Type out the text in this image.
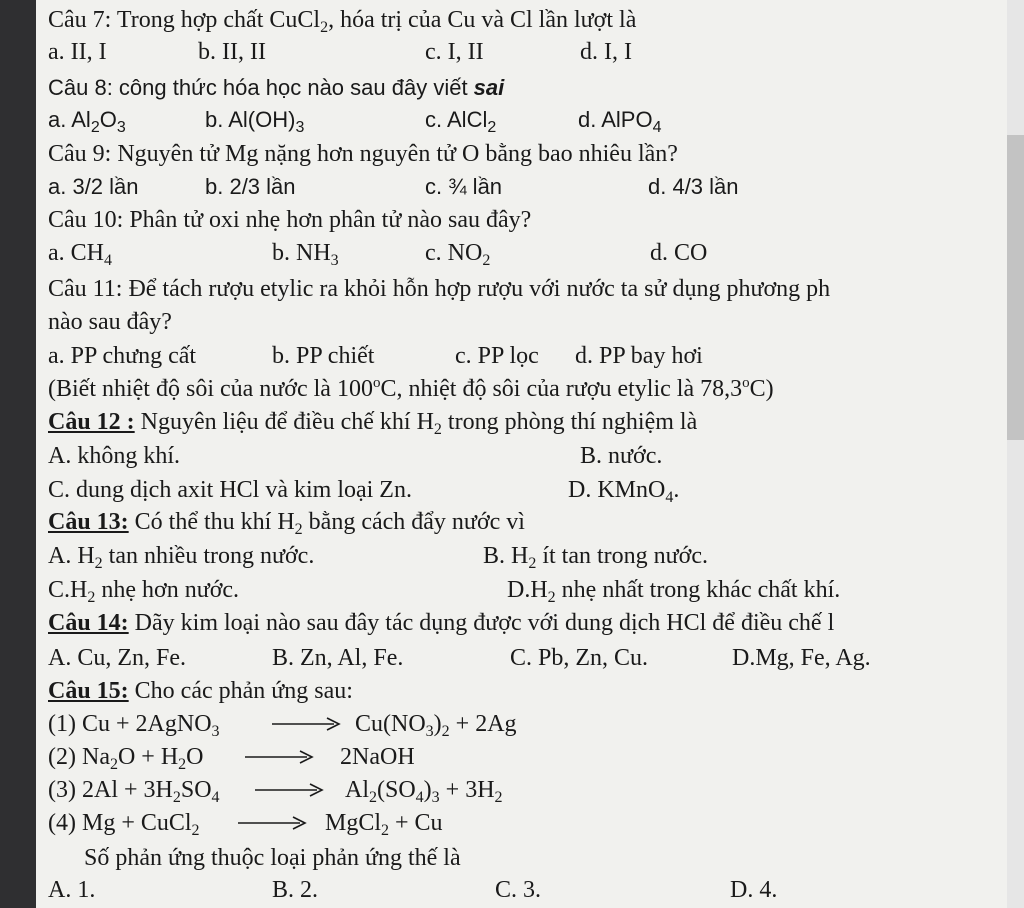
Câu 7: Trong hợp chất CuCl$_2$, hóa trị của Cu và Cl lần lượt là
a. II, I	b. II, II	c. I, II	d. I, I
Câu 8: công thức hóa học nào sau đây viết sai
a. $Al_2O_3$	b. $Al(OH)_3$	c. AlCl$_2$	d. AlPO$_4$
Câu 9: Nguyên tử Mg nặng hơn nguyên tử O bằng bao nhiêu lần?
a. 3/2 lần	b. 2/3 lần	c. ¾ lần	d. 4/3 lần
Câu 10: Phân tử oxi nhẹ hơn phân tử nào sau đây?
a. $CH_4$	b. $NH_3$	c. $NO_2$	d. CO
Câu 11: Để tách rượu etylic ra khỏi hỗn hợp rượu với nước ta sử dụng phương ph
nào sau đây?
a. PP chưng cất	b. PP chiết	c. PP lọc d. PP bay hơi
(Biết nhiệt độ sôi của nước là 100$^o$C, nhiệt độ sôi của rượu etylic là 78,3$^o$C)
Câu 12 : Nguyên liệu để điều chế khí $H_2$ trong phòng thí nghiệm là
A. không khí.	B. nước.
C. dung dịch axit HCl và kim loại Zn.	D. KMnO$_4$.
Câu 13: Có thể thu khí $H_2$ bằng cách đẩy nước vì
A. $H_2$ tan nhiều trong nước.	B. $H_2$ ít tan trong nước.
$C.H_2$ nhẹ hơn nước.	$D.H_2$ nhẹ nhất trong khác chất khí.
Câu 14: Dãy kim loại nào sau đây tác dụng được với dung dịch HCl để điều chế l
A. Cu, Zn, Fe.	B. Zn, Al, Fe.	C. Pb, Zn, Cu.	D.Mg, Fe, Ag.
Câu 15: Cho các phản ứng sau:
(1) Cu + 2AgNO$_3$	$Cu(NO_3)_2 + 2Ag$
(2) $Na_2O + H_2O$	2NaOH
(3) $2Al + 3H_2SO_4$	$Al_2(SO_4)_3 + 3H_2$
(4) Mg + CuCl$_2$	MgCl$_2$ + Cu
Số phản ứng thuộc loại phản ứng thế là
A. 1.	B. 2.	C. 3.	D. 4.
